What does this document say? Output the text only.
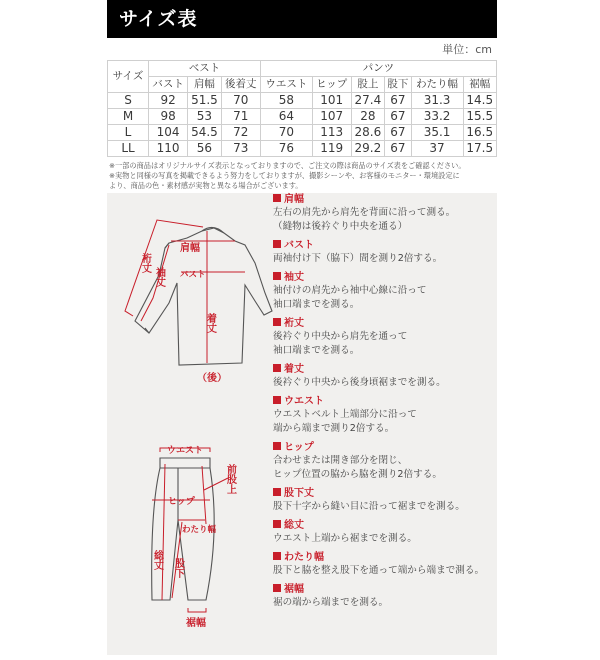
サイズ表
単位：cm
サイズ	ベスト			パンツ					
	バスト	肩幅	後着丈	ウエスト	ヒップ	股上	股下	わたり幅	裾幅
S	92	51.5	70	58	101	27.4	67	31.3	14.5
M	98	53	71	64	107	28	67	33.2	15.5
L	104	54.5	72	70	113	28.6	67	35.1	16.5
LL	110	56	73	76	119	29.2	67	37	17.5
※一部の商品はオリジナルサイズ表示となっておりますので、ご注文の際は商品のサイズ表をご確認ください。
※実物と同様の写真を掲載できるよう努力をしておりますが、撮影シーンや、お客様のモニター・環境設定に
より、商品の色・素材感が実物と異なる場合がございます。
肩幅
バスト
着丈
袖丈
裄丈
（後）
ウエスト
前股上
ヒップ
わたり幅
総丈 股下
裾幅
肩幅
左右の肩先から肩先を背面に沿って測る。
（縫物は後衿ぐり中央を通る）
バスト
両袖付け下（脇下）間を測り2倍する。
袖丈
袖付けの肩先から袖中心線に沿って
袖口端までを測る。
裄丈
後衿ぐり中央から肩先を通って
袖口端までを測る。
着丈
後衿ぐり中央から後身頃裾までを測る。
ウエスト
ウエストベルト上端部分に沿って
端から端まで測り2倍する。
ヒップ
合わせまたは開き部分を閉じ、
ヒップ位置の脇から脇を測り2倍する。
股下丈
股下十字から縫い目に沿って裾までを測る。
総丈
ウエスト上端から裾までを測る。
わたり幅
股下と脇を整え股下を通って端から端まで測る。
裾幅
裾の端から端までを測る。
